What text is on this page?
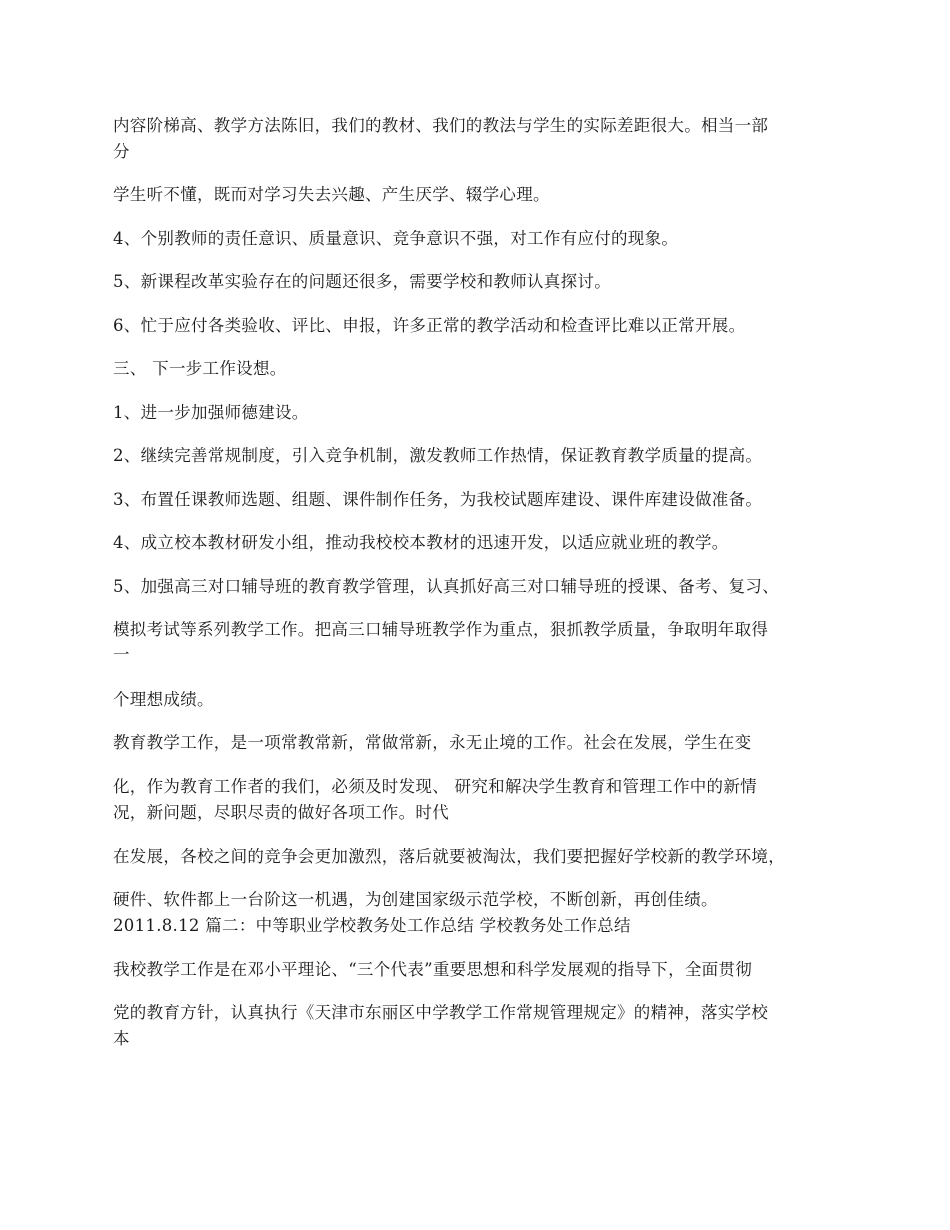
内容阶梯高、教学方法陈旧，我们的教材、我们的教法与学生的实际差距很大。相当一部
分
学生听不懂，既而对学习失去兴趣、产生厌学、辍学心理。
4、个别教师的责任意识、质量意识、竞争意识不强，对工作有应付的现象。
5、新课程改革实验存在的问题还很多，需要学校和教师认真探讨。
6、忙于应付各类验收、评比、申报，许多正常的教学活动和检查评比难以正常开展。
三、 下一步工作设想。
1、进一步加强师德建设。
2、继续完善常规制度，引入竞争机制，激发教师工作热情，保证教育教学质量的提高。
3、布置任课教师选题、组题、课件制作任务，为我校试题库建设、课件库建设做准备。
4、成立校本教材研发小组，推动我校校本教材的迅速开发，以适应就业班的教学。
5、加强高三对口辅导班的教育教学管理，认真抓好高三对口辅导班的授课、备考、复习、
模拟考试等系列教学工作。把高三口辅导班教学作为重点，狠抓教学质量，争取明年取得
一
个理想成绩。
教育教学工作，是一项常教常新，常做常新，永无止境的工作。社会在发展，学生在变
化，作为教育工作者的我们，必须及时发现、 研究和解决学生教育和管理工作中的新情
况，新问题，尽职尽责的做好各项工作。时代
在发展，各校之间的竞争会更加激烈，落后就要被淘汰，我们要把握好学校新的教学环境，
硬件、软件都上一台阶这一机遇，为创建国家级示范学校，不断创新，再创佳绩。
2011.8.12 篇二：中等职业学校教务处工作总结 学校教务处工作总结
我校教学工作是在邓小平理论、“三个代表”重要思想和科学发展观的指导下，全面贯彻
党的教育方针，认真执行《天津市东丽区中学教学工作常规管理规定》的精神，落实学校
本
